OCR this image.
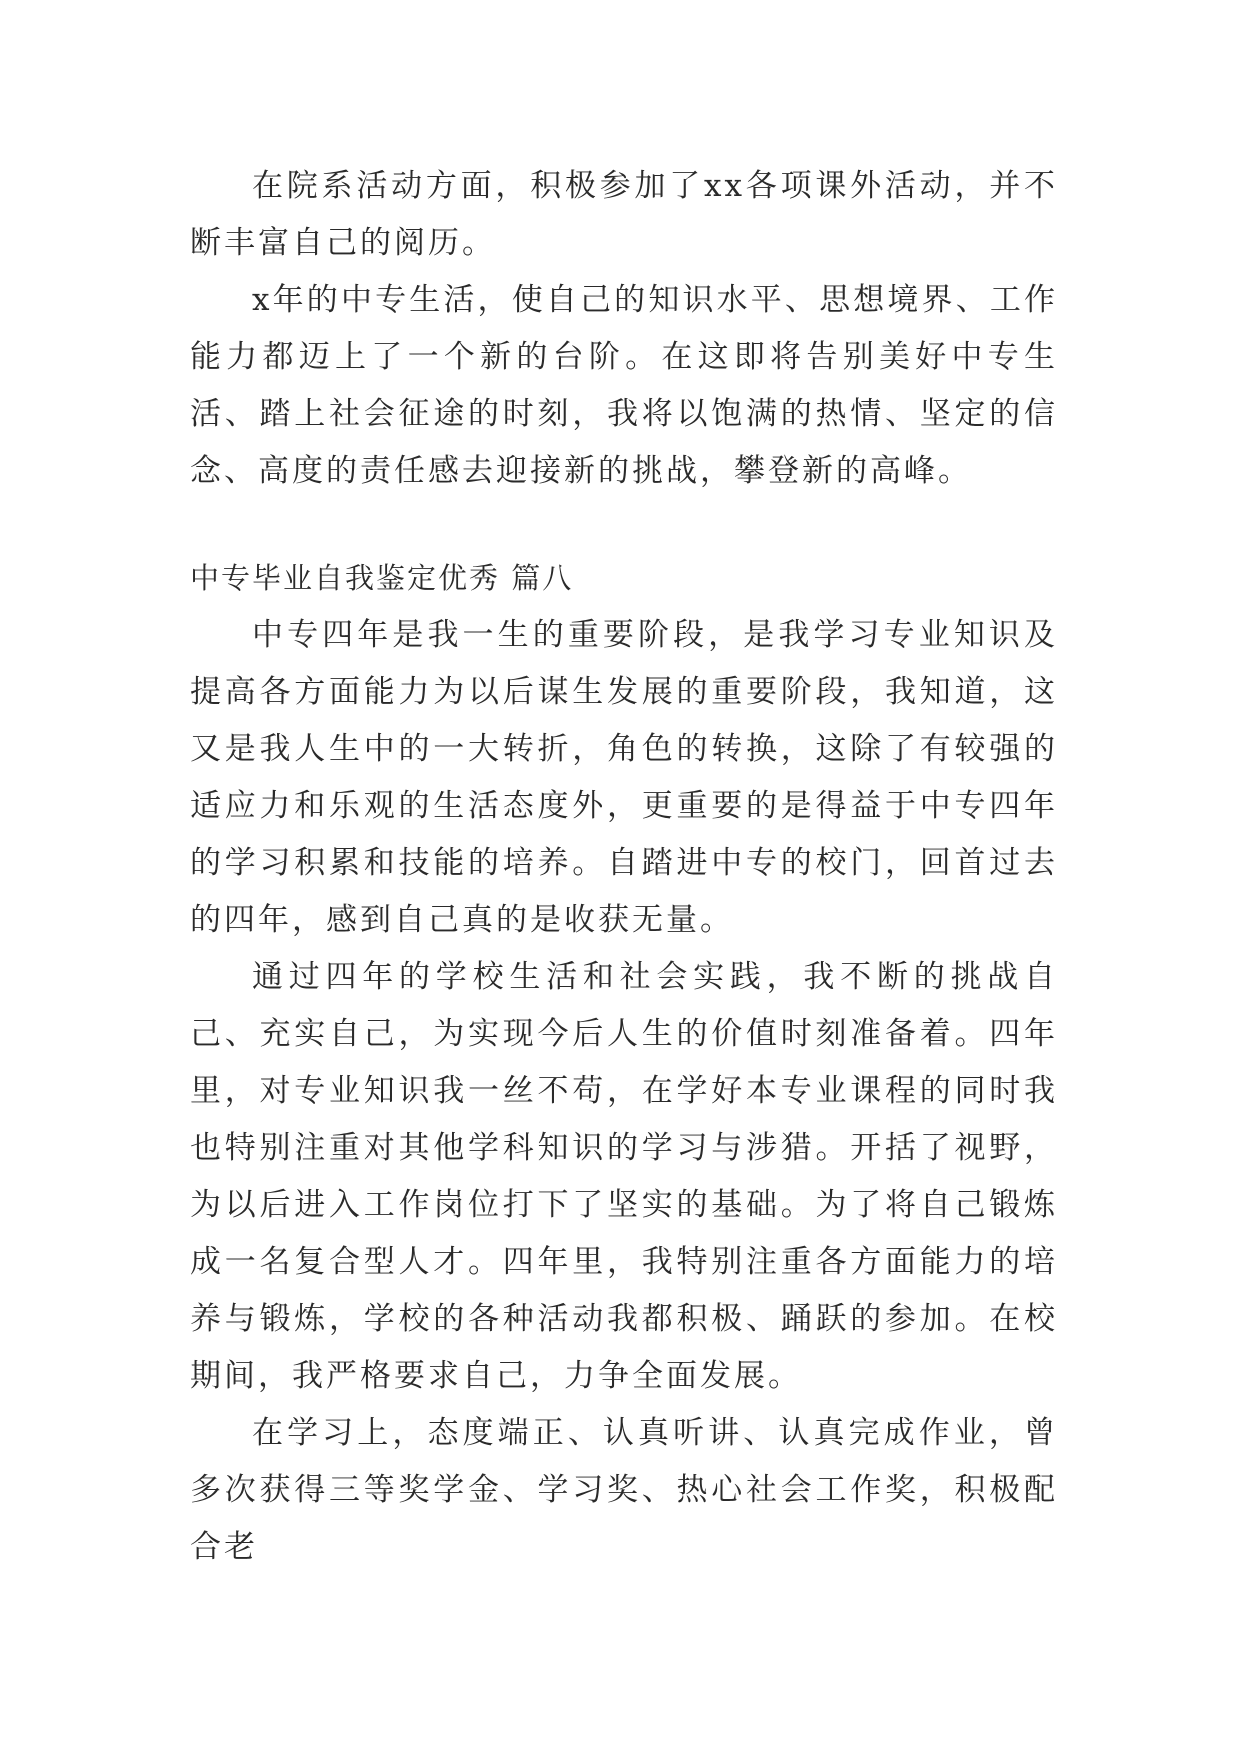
在院系活动方面，积极参加了xx各项课外活动，并不断丰富自己的阅历。

x年的中专生活，使自己的知识水平、思想境界、工作能力都迈上了一个新的台阶。在这即将告别美好中专生活、踏上社会征途的时刻，我将以饱满的热情、坚定的信念、高度的责任感去迎接新的挑战，攀登新的高峰。

中专毕业自我鉴定优秀 篇八

中专四年是我一生的重要阶段，是我学习专业知识及提高各方面能力为以后谋生发展的重要阶段，我知道，这又是我人生中的一大转折，角色的转换，这除了有较强的适应力和乐观的生活态度外，更重要的是得益于中专四年的学习积累和技能的培养。自踏进中专的校门，回首过去的四年，感到自己真的是收获无量。

通过四年的学校生活和社会实践，我不断的挑战自己、充实自己，为实现今后人生的价值时刻准备着。四年里，对专业知识我一丝不苟，在学好本专业课程的同时我也特别注重对其他学科知识的学习与涉猎。开括了视野，为以后进入工作岗位打下了坚实的基础。为了将自己锻炼成一名复合型人才。四年里，我特别注重各方面能力的培养与锻炼，学校的各种活动我都积极、踊跃的参加。在校期间，我严格要求自己，力争全面发展。

在学习上，态度端正、认真听讲、认真完成作业，曾多次获得三等奖学金、学习奖、热心社会工作奖，积极配合老
